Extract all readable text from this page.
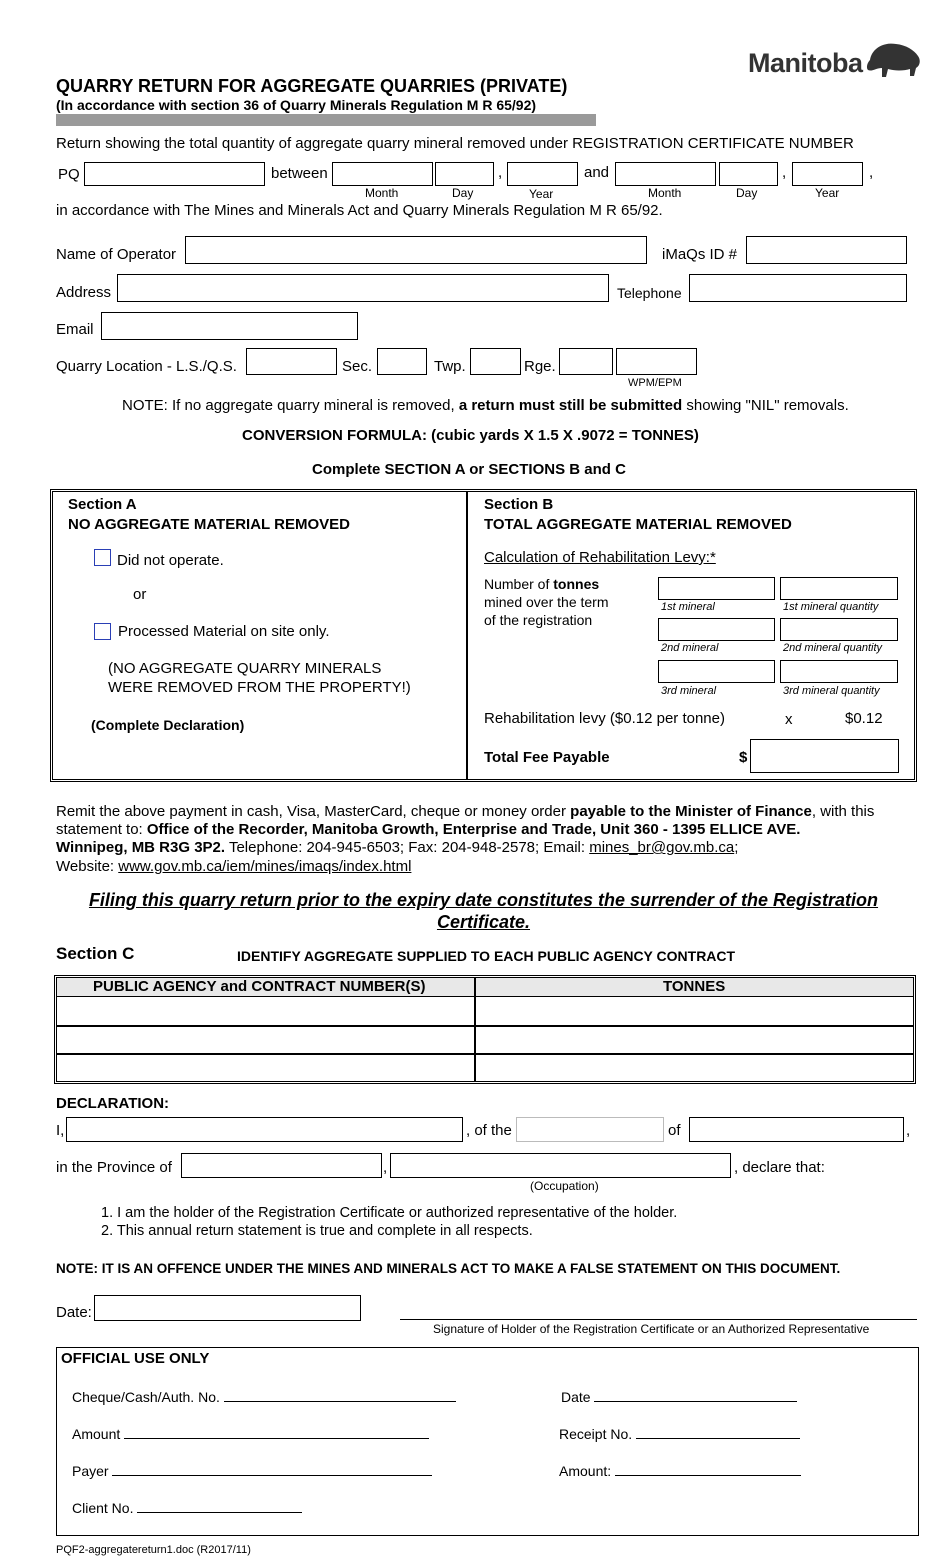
Manitoba
QUARRY RETURN FOR AGGREGATE QUARRIES (PRIVATE)
(In accordance with section 36 of Quarry Minerals Regulation M R 65/92)
Return showing the total quantity of aggregate quarry mineral removed under REGISTRATION CERTIFICATE NUMBER
PQ	between	,	and	,	,
Month	Day	Year	Month	Day	Year
in accordance with The Mines and Minerals Act and Quarry Minerals Regulation M R 65/92.
Name of Operator	iMaQs ID #
Address	Telephone
Email
Quarry Location - L.S./Q.S.	Sec.	Twp.	Rge.
WPM/EPM
NOTE: If no aggregate quarry mineral is removed, a return must still be submitted showing "NIL" removals.
CONVERSION FORMULA: (cubic yards X 1.5 X .9072 = TONNES)
Complete SECTION A or SECTIONS B and C
Section A
NO AGGREGATE MATERIAL REMOVED
Did not operate.
or
Processed Material on site only.
(NO AGGREGATE QUARRY MINERALS
WERE REMOVED FROM THE PROPERTY!)
(Complete Declaration)
Section B
TOTAL AGGREGATE MATERIAL REMOVED
Calculation of Rehabilitation Levy:*
Number of tonnes
mined over the term
of the registration
1st mineral	1st mineral quantity
2nd mineral	2nd mineral quantity
3rd mineral	3rd mineral quantity
Rehabilitation levy ($0.12 per tonne)	x	$0.12
Total Fee Payable	$
Remit the above payment in cash, Visa, MasterCard, cheque or money order payable to the Minister of Finance, with this
statement to: Office of the Recorder, Manitoba Growth, Enterprise and Trade, Unit 360 - 1395 ELLICE AVE.
Winnipeg, MB R3G 3P2. Telephone: 204-945-6503; Fax: 204-948-2578; Email: mines_br@gov.mb.ca;
Website: www.gov.mb.ca/iem/mines/imaqs/index.html
Filing this quarry return prior to the expiry date constitutes the surrender of the Registration
Certificate.
Section C	IDENTIFY AGGREGATE SUPPLIED TO EACH PUBLIC AGENCY CONTRACT
PUBLIC AGENCY and CONTRACT NUMBER(S)	TONNES
DECLARATION:
I,	, of the	of	,
in the Province of	,	, declare that:
(Occupation)
1. I am the holder of the Registration Certificate or authorized representative of the holder.
2. This annual return statement is true and complete in all respects.
NOTE: IT IS AN OFFENCE UNDER THE MINES AND MINERALS ACT TO MAKE A FALSE STATEMENT ON THIS DOCUMENT.
Date:
Signature of Holder of the Registration Certificate or an Authorized Representative
OFFICIAL USE ONLY
Cheque/Cash/Auth. No.	Date
Amount	Receipt No.
Payer	Amount:
Client No.
PQF2-aggregatereturn1.doc (R2017/11)
